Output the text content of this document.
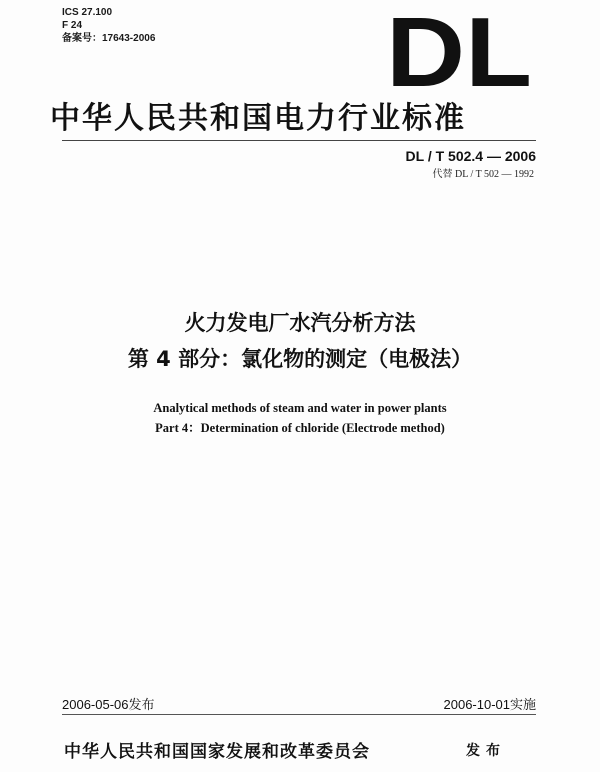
ICS 27.100
F 24
备案号：17643-2006 DL
中华人民共和国电力行业标准
DL / T 502.4 — 2006
代替 DL / T 502 — 1992
火力发电厂水汽分析方法
第 4 部分：氯化物的测定（电极法）
Analytical methods of steam and water in power plants
Part 4：Determination of chloride (Electrode method)
2006-05-06发布	2006-10-01实施
中华人民共和国国家发展和改革委员会	发布
